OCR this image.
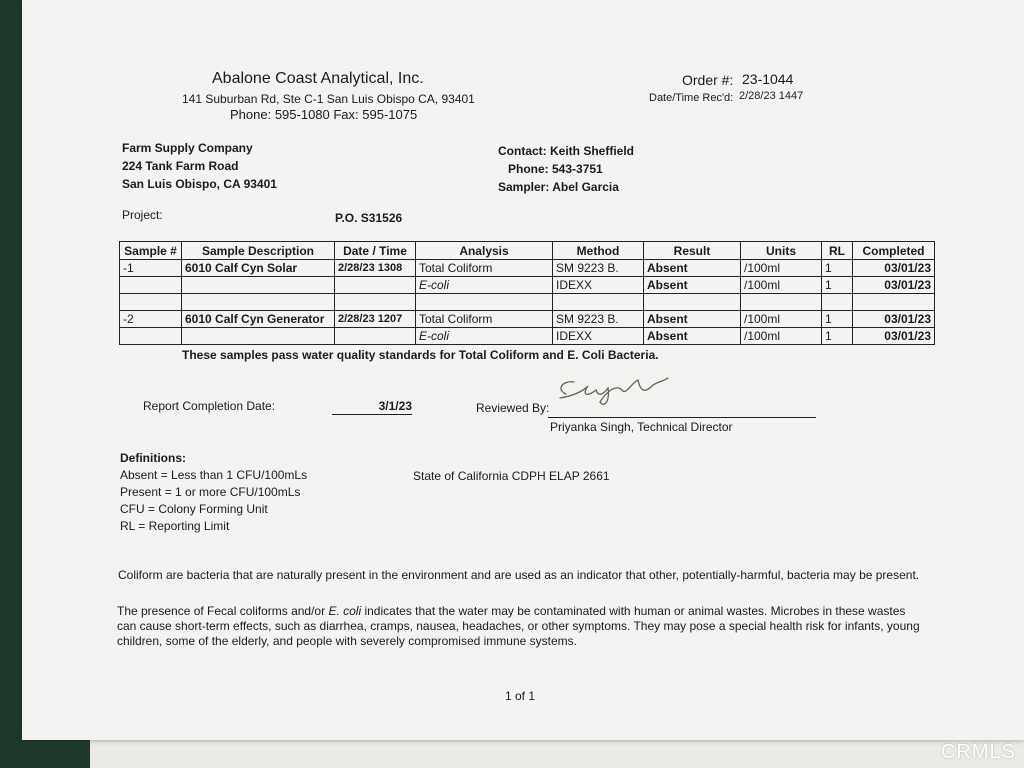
Abalone Coast Analytical, Inc.
141 Suburban Rd, Ste C-1 San Luis Obispo CA, 93401
Phone: 595-1080 Fax: 595-1075
Order #: 23-1044
Date/Time Rec'd: 2/28/23 1447
Farm Supply Company
224 Tank Farm Road
San Luis Obispo, CA 93401
Contact: Keith Sheffield
Phone: 543-3751
Sampler: Abel Garcia
Project:	P.O. S31526
Sample #	Sample Description	Date / Time	Analysis	Method	Result	Units	RL	Completed
-1	6010 Calf Cyn Solar	2/28/23 1308	Total Coliform	SM 9223 B.	Absent	/100ml	1	03/01/23
			E-coli	IDEXX	Absent	/100ml	1	03/01/23

-2	6010 Calf Cyn Generator	2/28/23 1207	Total Coliform	SM 9223 B.	Absent	/100ml	1	03/01/23
			E-coli	IDEXX	Absent	/100ml	1	03/01/23
These samples pass water quality standards for Total Coliform and E. Coli Bacteria.
Report Completion Date:	3/1/23	Reviewed By:
Priyanka Singh, Technical Director
Definitions:
Absent = Less than 1 CFU/100mLs
Present = 1 or more CFU/100mLs
CFU = Colony Forming Unit
RL = Reporting Limit
State of California CDPH ELAP 2661
Coliform are bacteria that are naturally present in the environment and are used as an indicator that other, potentially-harmful, bacteria may be present.
The presence of Fecal coliforms and/or E. coli indicates that the water may be contaminated with human or animal wastes. Microbes in these wastes can cause short-term effects, such as diarrhea, cramps, nausea, headaches, or other symptoms. They may pose a special health risk for infants, young children, some of the elderly, and people with severely compromised immune systems.
1 of 1
CRMLS
